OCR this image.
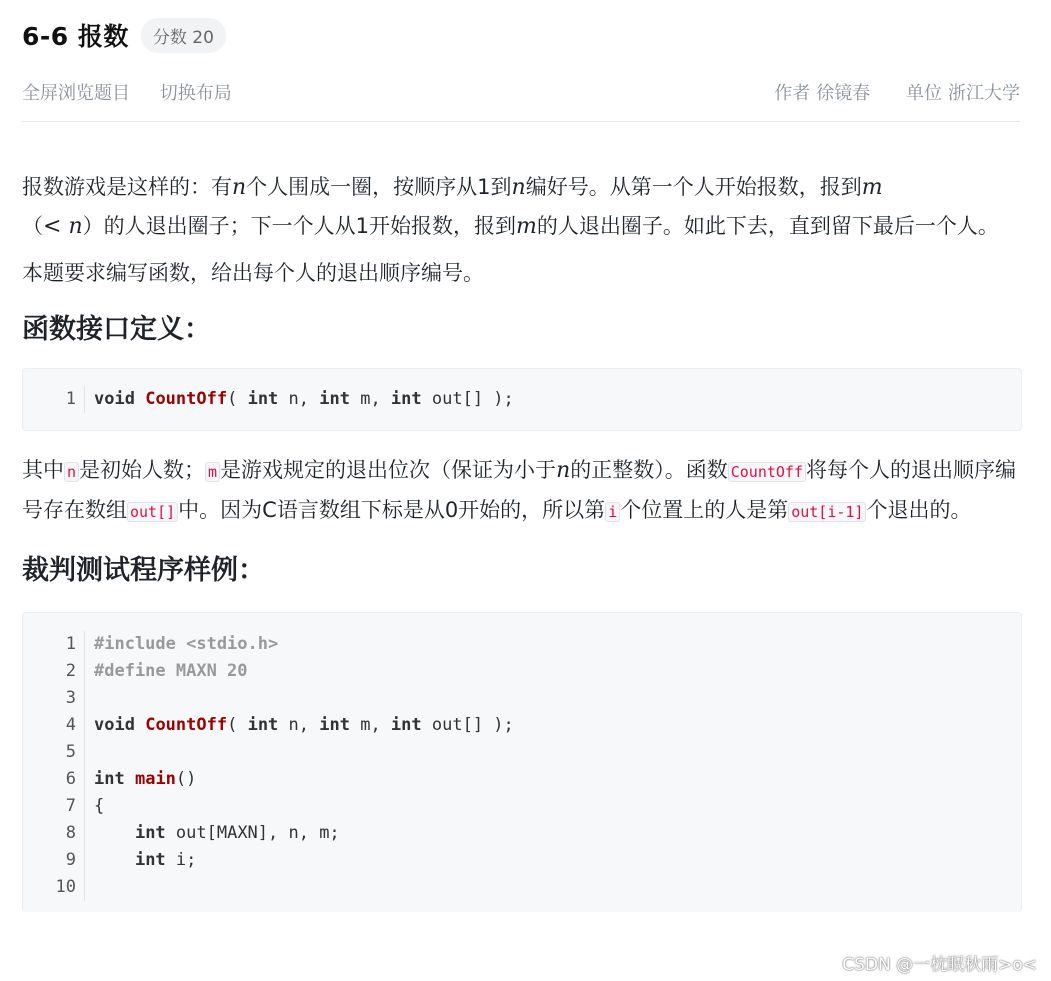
6-6 报数	分数 20
全屏浏览题目 切换布局	作者 徐镜春 单位 浙江大学

报数游戏是这样的：有n个人围成一圈，按顺序从1到n编好号。从第一个人开始报数，报到m
（< n）的人退出圈子；下一个人从1开始报数，报到m的人退出圈子。如此下去，直到留下最后一个人。

本题要求编写函数，给出每个人的退出顺序编号。

函数接口定义：
1	void CountOff( int n, int m, int out[] );

其中 n 是初始人数； m 是游戏规定的退出位次（保证为小于n的正整数）。函数 CountOff 将每个人的退出顺序编号存在数组 out[] 中。因为C语言数组下标是从0开始的，所以第 i 个位置上的人是第 out[i-1] 个退出的。

裁判测试程序样例：
1	#include <stdio.h>
2	#define MAXN 20
3
4	void CountOff( int n, int m, int out[] );
5
6	int main()
7	{
8	int out[MAXN], n, m;
9	int i;
10
CSDN @一枕眠秋雨>o<
